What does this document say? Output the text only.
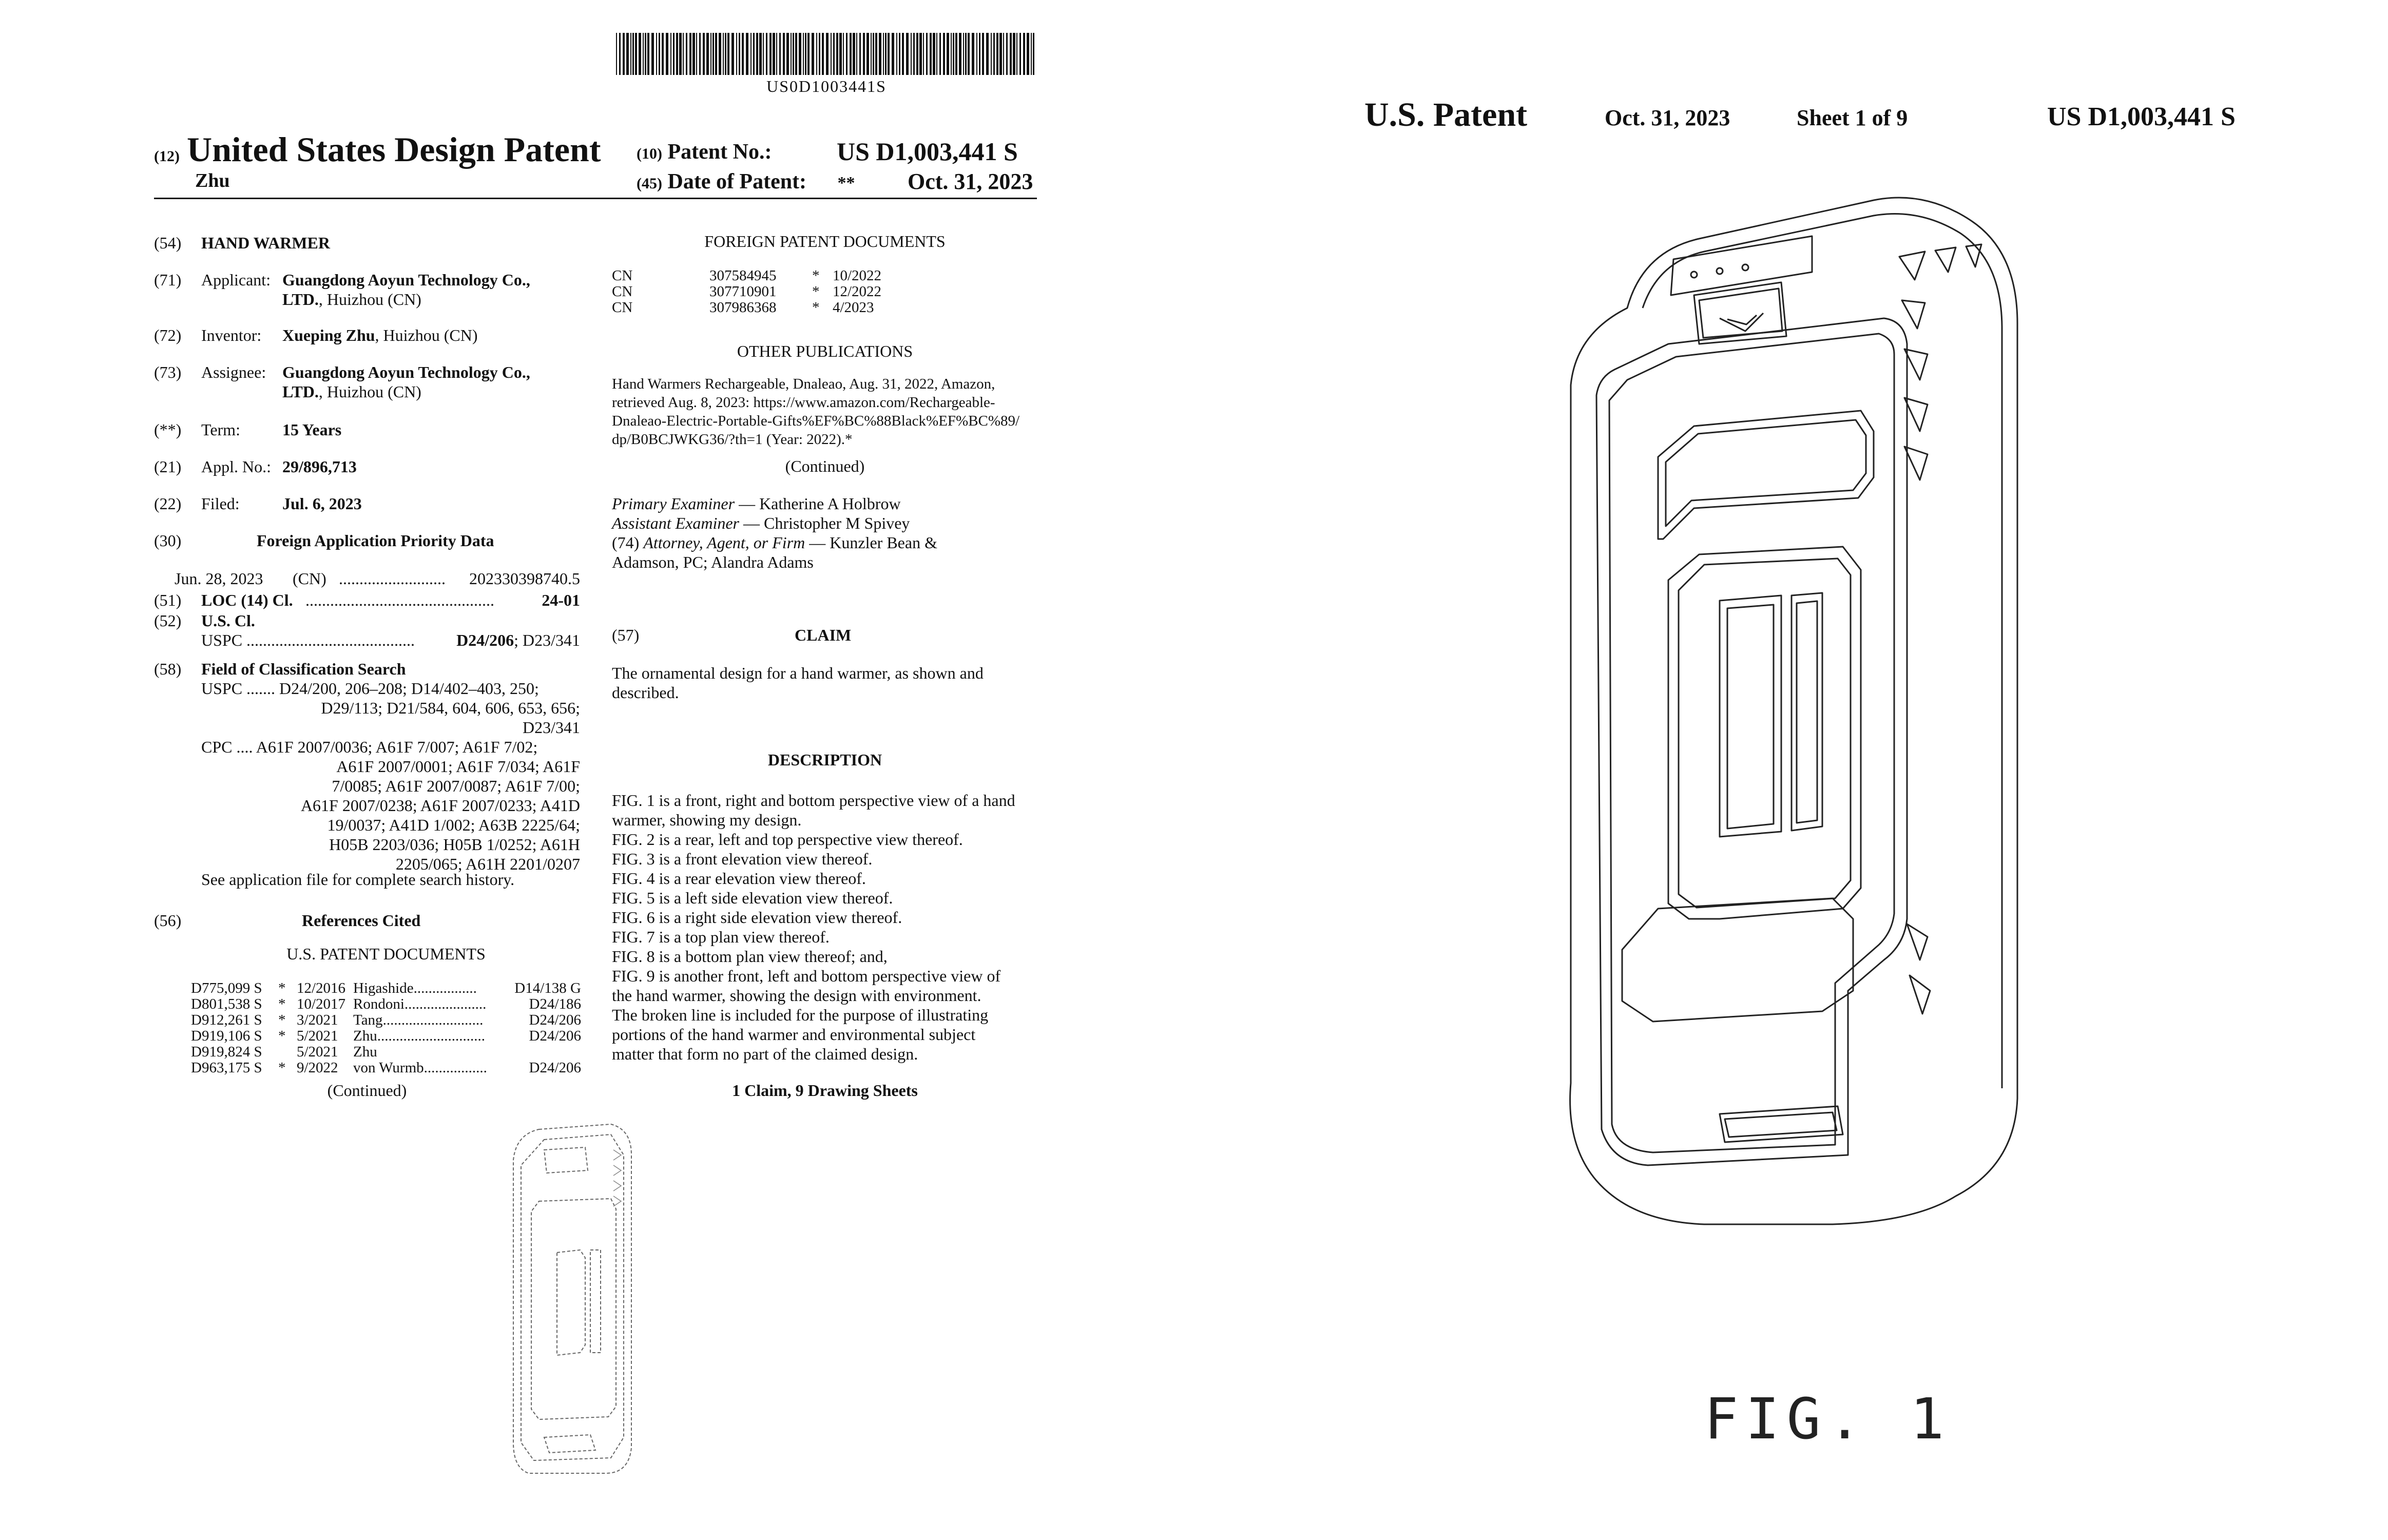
US0D1003441S
(12) United States Design Patent
Zhu
(10) Patent No.:	US D1,003,441 S
(45) Date of Patent: ** Oct. 31, 2023
(54) HAND WARMER
(71) Applicant: Guangdong Aoyun Technology Co.,
LTD., Huizhou (CN)
(72) Inventor: Xueping Zhu, Huizhou (CN)
(73) Assignee: Guangdong Aoyun Technology Co.,
LTD., Huizhou (CN)
(**) Term:	15 Years
(21) Appl. No.: 29/896,713
(22) Filed:	Jul. 6, 2023
(30)	Foreign Application Priority Data
Jun. 28, 2023 (CN) .......................... 202330398740.5
(51) LOC (14) Cl. ..............................................	24-01
(52) U.S. Cl.
USPC .........................................	D24/206; D23/341
(58) Field of Classification Search
USPC ....... D24/200, 206–208; D14/402–403, 250;
D29/113; D21/584, 604, 606, 653, 656;
D23/341
CPC .... A61F 2007/0036; A61F 7/007; A61F 7/02;
A61F 2007/0001; A61F 7/034; A61F
7/0085; A61F 2007/0087; A61F 7/00;
A61F 2007/0238; A61F 2007/0233; A41D
19/0037; A41D 1/002; A63B 2225/64;
H05B 2203/036; H05B 1/0252; A61H
2205/065; A61H 2201/0207
See application file for complete search history.
(56)	References Cited
U.S. PATENT DOCUMENTS
D775,099 S	* 12/2016 Higashide.................	D14/138 G
D801,538 S	* 10/2017 Rondoni......................	D24/186
D912,261 S	* 3/2021	Tang...........................	D24/206
D919,106 S	* 5/2021	Zhu.............................	D24/206
D919,824 S	5/2021	Zhu
D963,175 S	* 9/2022	von Wurmb.................	D24/206
(Continued)
FOREIGN PATENT DOCUMENTS
CN	307584945	* 10/2022
CN	307710901	* 12/2022
CN	307986368	* 4/2023
OTHER PUBLICATIONS
Hand Warmers Rechargeable, Dnaleao, Aug. 31, 2022, Amazon,
retrieved Aug. 8, 2023: https://www.amazon.com/Rechargeable-
Dnaleao-Electric-Portable-Gifts%EF%BC%88Black%EF%BC%89/
dp/B0BCJWKG36/?th=1 (Year: 2022).*
(Continued)
Primary Examiner — Katherine A Holbrow
Assistant Examiner — Christopher M Spivey
(74) Attorney, Agent, or Firm — Kunzler Bean &
Adamson, PC; Alandra Adams
(57)	CLAIM
The ornamental design for a hand warmer, as shown and
described.
DESCRIPTION
FIG. 1 is a front, right and bottom perspective view of a hand
warmer, showing my design.
FIG. 2 is a rear, left and top perspective view thereof.
FIG. 3 is a front elevation view thereof.
FIG. 4 is a rear elevation view thereof.
FIG. 5 is a left side elevation view thereof.
FIG. 6 is a right side elevation view thereof.
FIG. 7 is a top plan view thereof.
FIG. 8 is a bottom plan view thereof; and,
FIG. 9 is another front, left and bottom perspective view of
the hand warmer, showing the design with environment.
The broken line is included for the purpose of illustrating
portions of the hand warmer and environmental subject
matter that form no part of the claimed design.
1 Claim, 9 Drawing Sheets
U.S. Patent	Oct. 31, 2023	Sheet 1 of 9	US D1,003,441 S
FIG. 1
